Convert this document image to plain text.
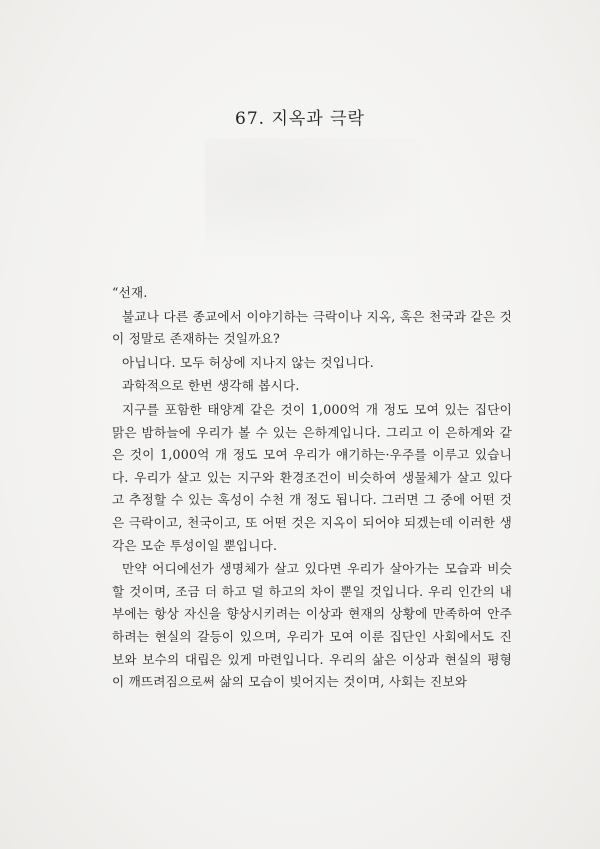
67. 지옥과 극락

“선재.

불교나 다른 종교에서 이야기하는 극락이나 지옥, 혹은 천국과 같은 것이 정말로 존재하는 것일까요?

아닙니다. 모두 허상에 지나지 않는 것입니다.

과학적으로 한번 생각해 봅시다.

지구를 포함한 태양계 같은 것이 1,000억 개 정도 모여 있는 집단이 맑은 밤하늘에 우리가 볼 수 있는 은하계입니다. 그리고 이 은하계와 같은 것이 1,000억 개 정도 모여 우리가 얘기하는·우주를 이루고 있습니다. 우리가 살고 있는 지구와 환경조건이 비슷하여 생물체가 살고 있다고 추정할 수 있는 혹성이 수천 개 정도 됩니다. 그러면 그 중에 어떤 것은 극락이고, 천국이고, 또 어떤 것은 지옥이 되어야 되겠는데 이러한 생각은 모순 투성이일 뿐입니다.

만약 어디에선가 생명체가 살고 있다면 우리가 살아가는 모습과 비슷할 것이며, 조금 더 하고 덜 하고의 차이 뿐일 것입니다. 우리 인간의 내부에는 항상 자신을 향상시키려는 이상과 현재의 상황에 만족하여 안주하려는 현실의 갈등이 있으며, 우리가 모여 이룬 집단인 사회에서도 진보와 보수의 대립은 있게 마련입니다. 우리의 삶은 이상과 현실의 평형이 깨뜨려짐으로써 삶의 모습이 빚어지는 것이며, 사회는 진보와
